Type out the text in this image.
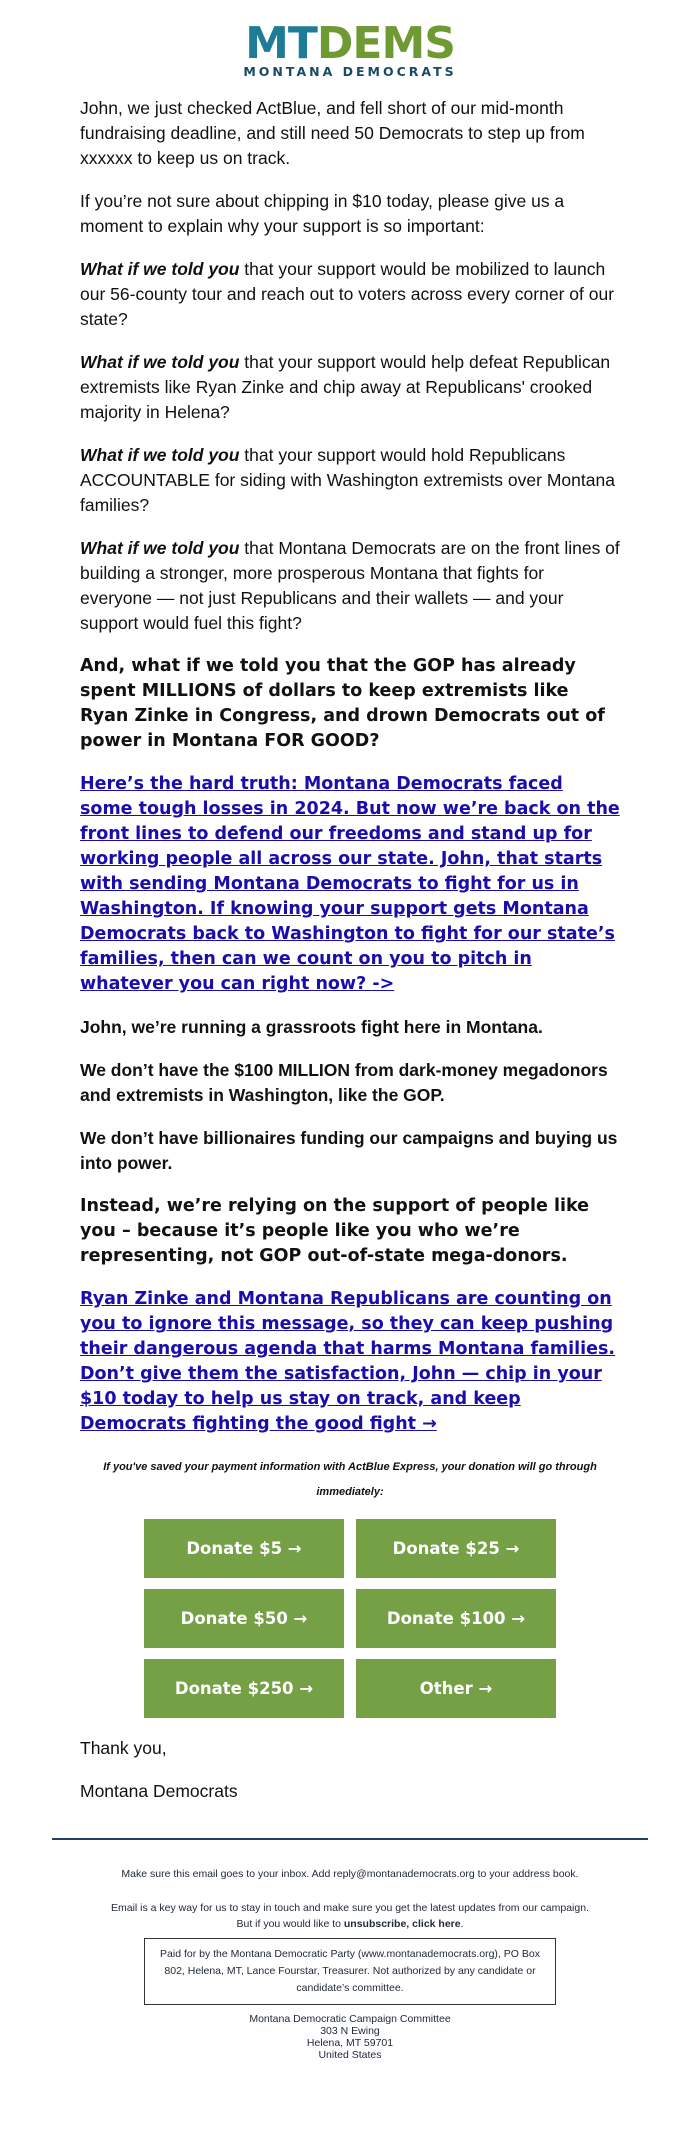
MTDEMS
MONTANA DEMOCRATS

John, we just checked ActBlue, and fell short of our mid-month fundraising deadline, and still need 50 Democrats to step up from xxxxxx to keep us on track.

If you’re not sure about chipping in $10 today, please give us a moment to explain why your support is so important:

What if we told you that your support would be mobilized to launch our 56-county tour and reach out to voters across every corner of our state?

What if we told you that your support would help defeat Republican extremists like Ryan Zinke and chip away at Republicans' crooked majority in Helena?

What if we told you that your support would hold Republicans ACCOUNTABLE for siding with Washington extremists over Montana families?

What if we told you that Montana Democrats are on the front lines of building a stronger, more prosperous Montana that fights for everyone — not just Republicans and their wallets — and your support would fuel this fight?

And, what if we told you that the GOP has already spent MILLIONS of dollars to keep extremists like Ryan Zinke in Congress, and drown Democrats out of power in Montana FOR GOOD?

Here’s the hard truth: Montana Democrats faced some tough losses in 2024. But now we’re back on the front lines to defend our freedoms and stand up for working people all across our state. John, that starts with sending Montana Democrats to fight for us in Washington. If knowing your support gets Montana Democrats back to Washington to fight for our state’s families, then can we count on you to pitch in whatever you can right now? ->

John, we’re running a grassroots fight here in Montana.

We don’t have the $100 MILLION from dark-money megadonors and extremists in Washington, like the GOP.

We don’t have billionaires funding our campaigns and buying us into power.

Instead, we’re relying on the support of people like you – because it’s people like you who we’re representing, not GOP out-of-state mega-donors.

Ryan Zinke and Montana Republicans are counting on you to ignore this message, so they can keep pushing their dangerous agenda that harms Montana families. Don’t give them the satisfaction, John — chip in your $10 today to help us stay on track, and keep Democrats fighting the good fight →

If you've saved your payment information with ActBlue Express, your donation will go through immediately:

Donate $5 →	Donate $25 →
Donate $50 →	Donate $100 →
Donate $250 →	Other →

Thank you,

Montana Democrats

Make sure this email goes to your inbox. Add reply@montanademocrats.org to your address book.

Email is a key way for us to stay in touch and make sure you get the latest updates from our campaign.

But if you would like to unsubscribe, click here.

Paid for by the Montana Democratic Party (www.montanademocrats.org), PO Box 802, Helena, MT, Lance Fourstar, Treasurer. Not authorized by any candidate or candidate’s committee.
Montana Democratic Campaign Committee
303 N Ewing
Helena, MT 59701
United States
